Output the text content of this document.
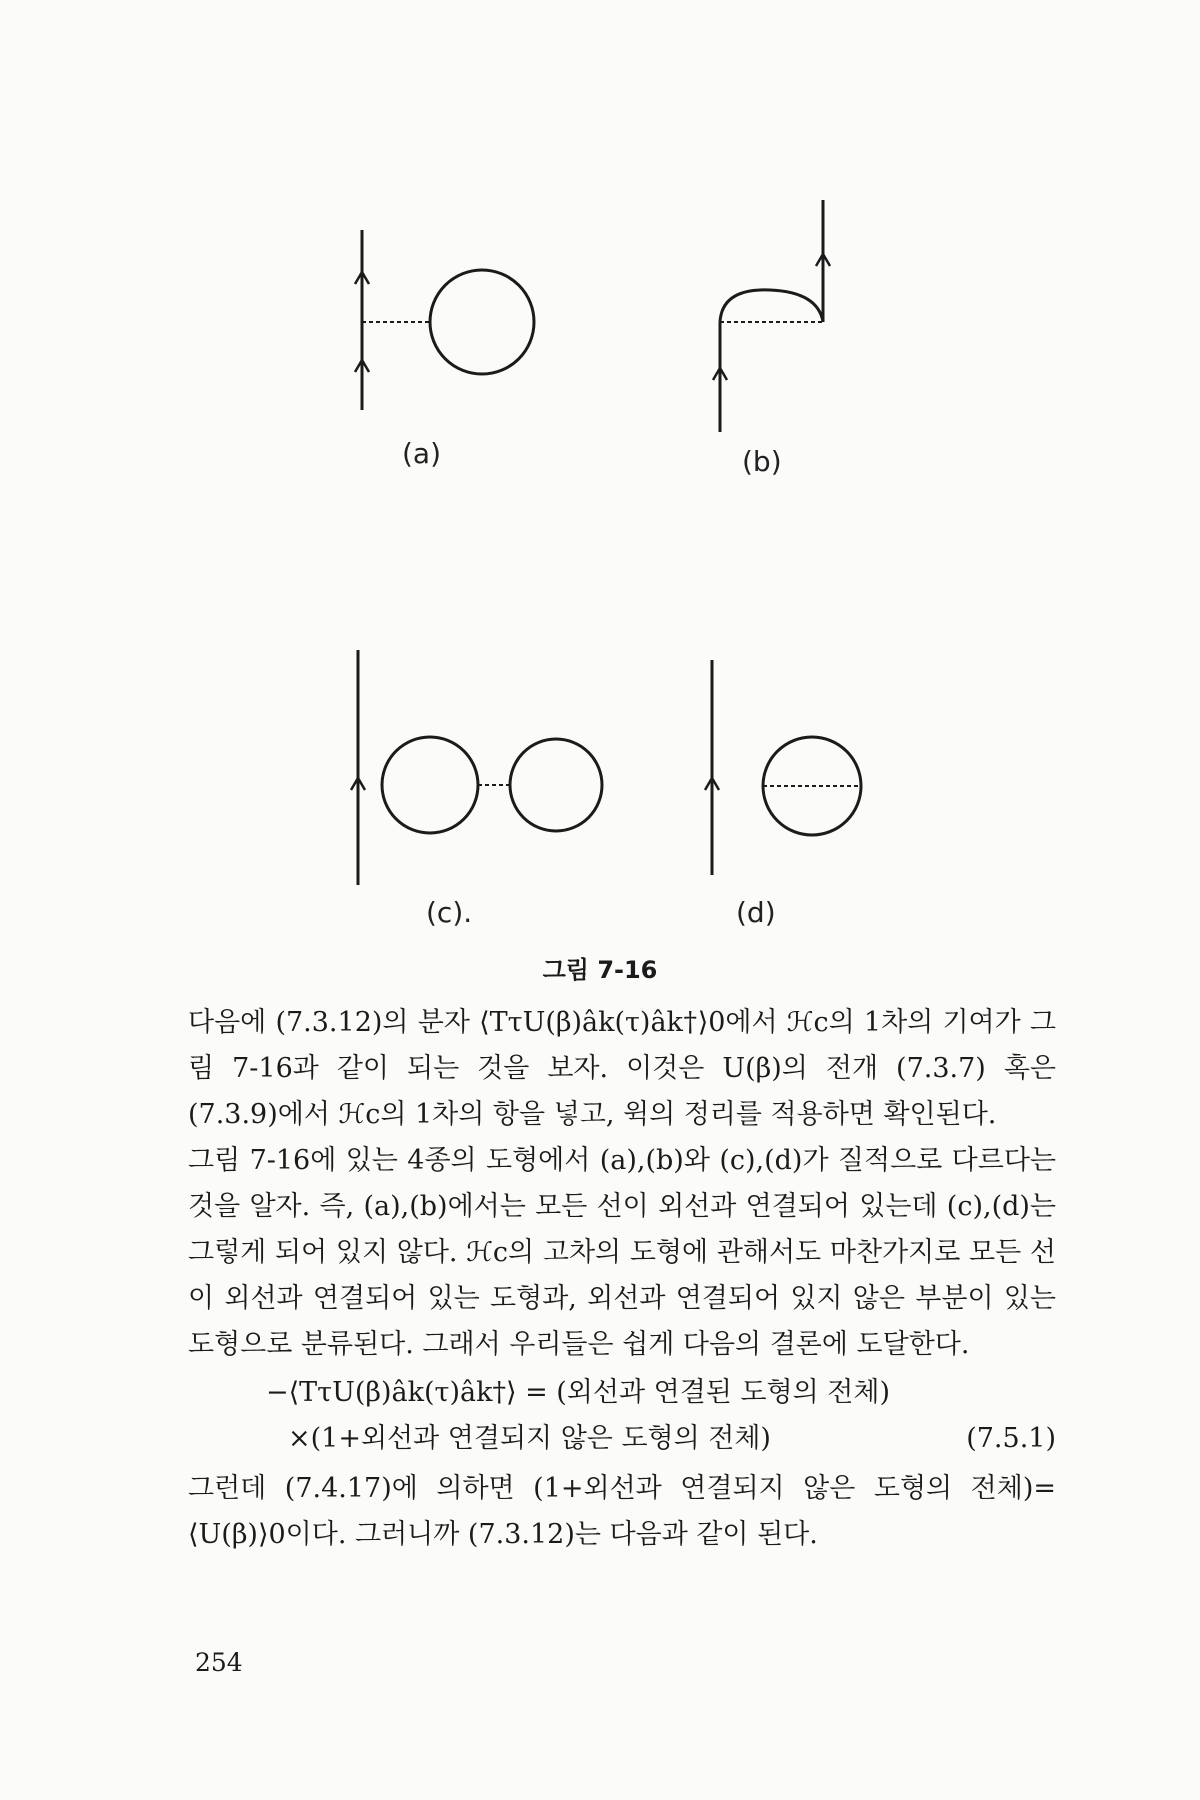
(a)	(b)
(c).	(d)
그림 7-16

다음에 (7.3.12)의 분자 ⟨TτU(β)âk(τ)âk†⟩0에서 ℋc의 1차의 기여가 그림 7-16과 같이 되는 것을 보자. 이것은 U(β)의 전개 (7.3.7) 혹은 (7.3.9)에서 ℋc의 1차의 항을 넣고, 윅의 정리를 적용하면 확인된다.

그림 7-16에 있는 4종의 도형에서 (a),(b)와 (c),(d)가 질적으로 다르다는 것을 알자. 즉, (a),(b)에서는 모든 선이 외선과 연결되어 있는데 (c),(d)는 그렇게 되어 있지 않다. ℋc의 고차의 도형에 관해서도 마찬가지로 모든 선이 외선과 연결되어 있는 도형과, 외선과 연결되어 있지 않은 부분이 있는 도형으로 분류된다. 그래서 우리들은 쉽게 다음의 결론에 도달한다.

−⟨TτU(β)âk(τ)âk†⟩ = (외선과 연결된 도형의 전체)
×(1+외선과 연결되지 않은 도형의 전체)	(7.5.1)

그런데 (7.4.17)에 의하면 (1+외선과 연결되지 않은 도형의 전체)= ⟨U(β)⟩0이다. 그러니까 (7.3.12)는 다음과 같이 된다.

254
